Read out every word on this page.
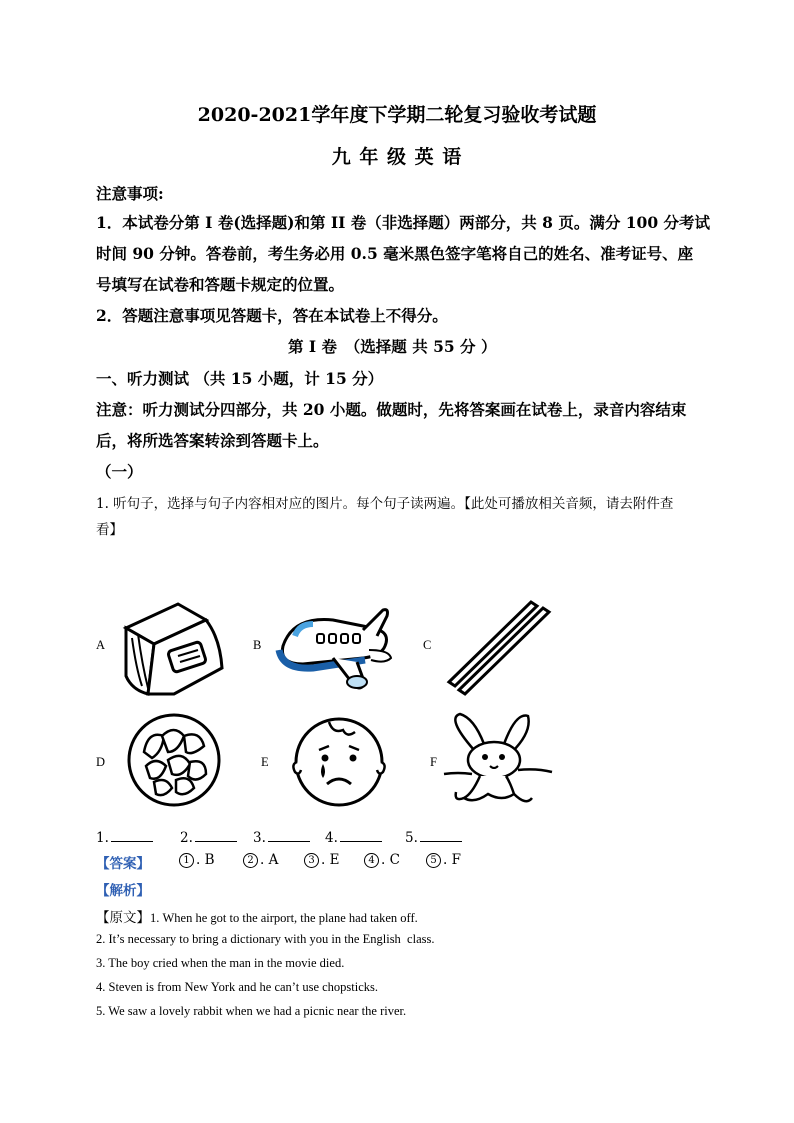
2020-2021学年度下学期二轮复习验收考试题
九 年 级 英 语
注意事项:
1．本试卷分第 I 卷(选择题)和第 II 卷（非选择题）两部分，共 8 页。满分 100 分考试
时间 90 分钟。答卷前，考生务必用 0.5 毫米黑色签字笔将自己的姓名、准考证号、座
号填写在试卷和答题卡规定的位置。
2．答题注意事项见答题卡，答在本试卷上不得分。
第 I 卷　（选择题 共 55 分 ）
一、听力测试 （共 15 小题，计 15 分）
注意：听力测试分四部分，共 20 小题。做题时，先将答案画在试卷上，录音内容结束
后，将所选答案转涂到答题卡上。
（一）
1. 听句子，选择与句子内容相对应的图片。每个句子读两遍。【此处可播放相关音频，请去附件查
看】
A	B	C
D	E	F
1.	2.	3.	4.	5.
【答案】	1 . B	2 . A	3 . E	4 . C	5 . F
【解析】
【原文】1. When he got to the airport, the plane had taken off.
2. It’s necessary to bring a dictionary with you in the English  class.
3. The boy cried when the man in the movie died.
4. Steven is from New York and he can’t use chopsticks.
5. We saw a lovely rabbit when we had a picnic near the river.
